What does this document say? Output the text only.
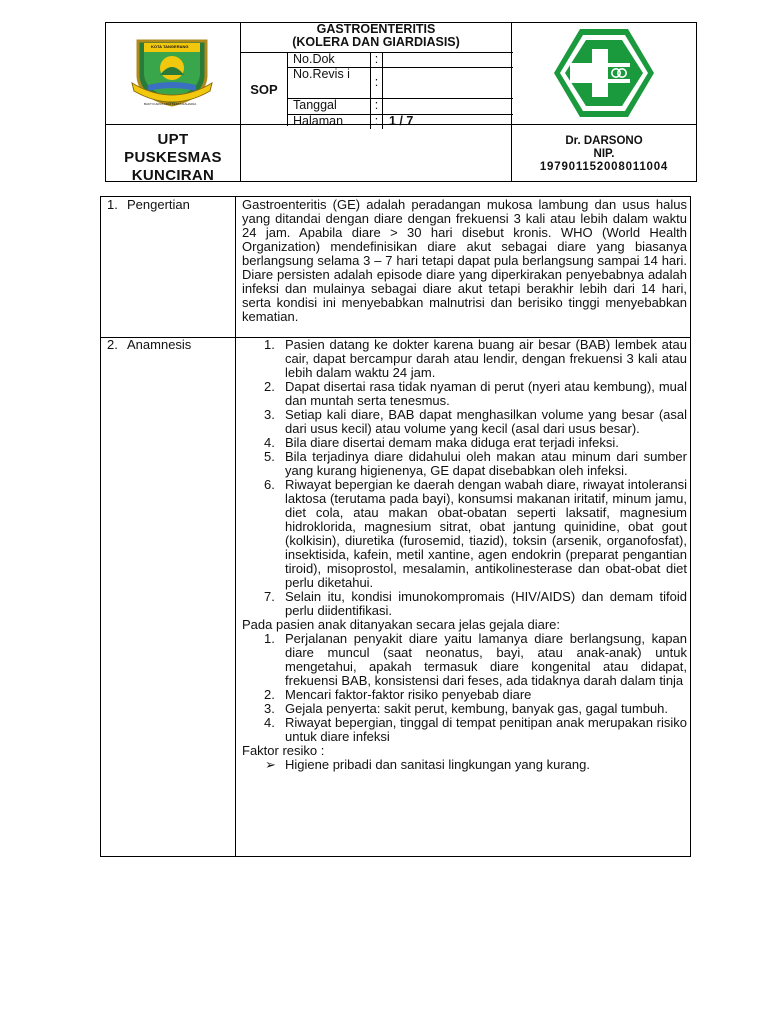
KOTA TANGERANG
BAKTI KARYA ADHI KERTA RAHARJA
GASTROENTERITIS
(KOLERA DAN GIARDIASIS)
SOP
No.Dok	:
No.Revis i
:
Tanggal	:
Halaman	: 1 / 7
UPT
PUSKESMAS
KUNCIRAN
Dr. DARSONO
NIP.
197901152008011004
1. Pengertian	Gastroenteritis (GE) adalah peradangan mukosa lambung dan usus halus yang ditandai dengan diare dengan frekuensi 3 kali atau lebih dalam waktu 24 jam. Apabila diare > 30 hari disebut kronis. WHO (World Health Organization) mendefinisikan diare akut sebagai diare yang biasanya berlangsung selama 3 – 7 hari tetapi dapat pula berlangsung sampai 14 hari. Diare persisten adalah episode diare yang diperkirakan penyebabnya adalah infeksi dan mulainya sebagai diare akut tetapi berakhir lebih dari 14 hari, serta kondisi ini menyebabkan malnutrisi dan berisiko tinggi menyebabkan kematian.
2. Anamnesis	1. Pasien datang ke dokter karena buang air besar (BAB) lembek atau cair, dapat bercampur darah atau lendir, dengan frekuensi 3 kali atau lebih dalam waktu 24 jam.
2. Dapat disertai rasa tidak nyaman di perut (nyeri atau kembung), mual dan muntah serta tenesmus.
3. Setiap kali diare, BAB dapat menghasilkan volume yang besar (asal dari usus kecil) atau volume yang kecil (asal dari usus besar).
4. Bila diare disertai demam maka diduga erat terjadi infeksi.
5. Bila terjadinya diare didahului oleh makan atau minum dari sumber yang kurang higienenya, GE dapat disebabkan oleh infeksi.
6. Riwayat bepergian ke daerah dengan wabah diare, riwayat intoleransi laktosa (terutama pada bayi), konsumsi makanan iritatif, minum jamu, diet cola, atau makan obat-obatan seperti laksatif, magnesium hidroklorida, magnesium sitrat, obat jantung quinidine, obat gout (kolkisin), diuretika (furosemid, tiazid), toksin (arsenik, organofosfat), insektisida, kafein, metil xantine, agen endokrin (preparat pengantian tiroid), misoprostol, mesalamin, antikolinesterase dan obat-obat diet perlu diketahui.
7. Selain itu, kondisi imunokompromais (HIV/AIDS) dan demam tifoid perlu diidentifikasi.
Pada pasien anak ditanyakan secara jelas gejala diare:
1. Perjalanan penyakit diare yaitu lamanya diare berlangsung, kapan diare muncul (saat neonatus, bayi, atau anak-anak) untuk mengetahui, apakah termasuk diare kongenital atau didapat, frekuensi BAB, konsistensi dari feses, ada tidaknya darah dalam tinja
2. Mencari faktor-faktor risiko penyebab diare
3. Gejala penyerta: sakit perut, kembung, banyak gas, gagal tumbuh.
4. Riwayat bepergian, tinggal di tempat penitipan anak merupakan risiko untuk diare infeksi
Faktor resiko :
➢ Higiene pribadi dan sanitasi lingkungan yang kurang.
